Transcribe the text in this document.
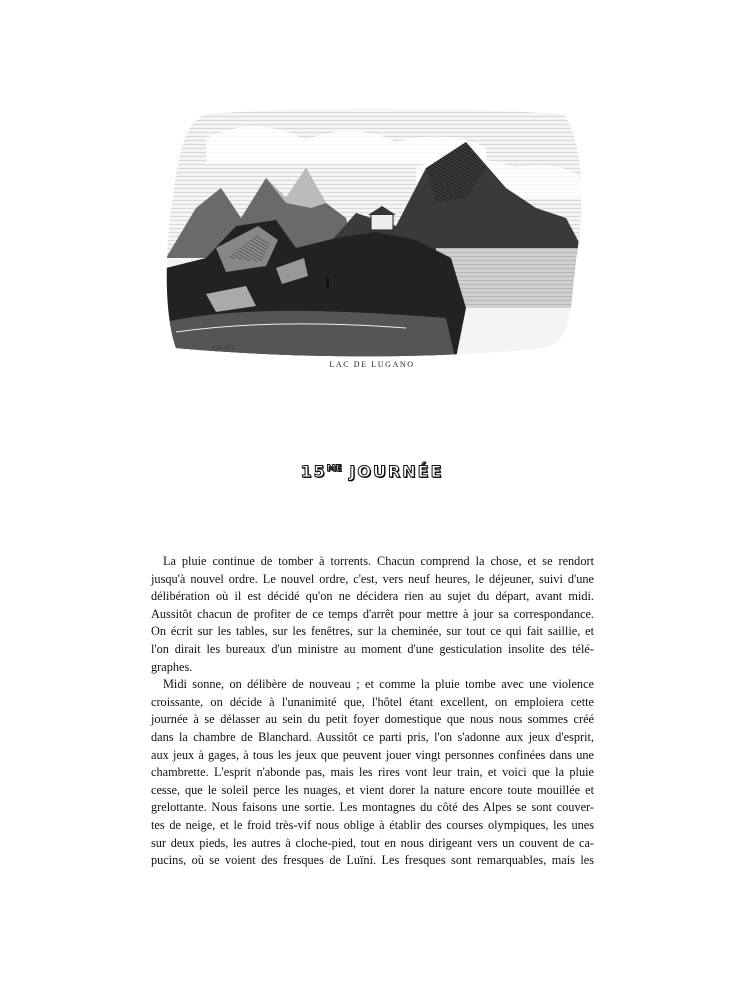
G.D. DEL.
LAC DE LUGANO
$15^{ME}$ JOURNÉE
La pluie continue de tomber à torrents. Chacun comprend la chose, et se rendort
jusqu'à nouvel ordre. Le nouvel ordre, c'est, vers neuf heures, le déjeuner, suivi d'une
délibération où il est décidé qu'on ne décidera rien au sujet du départ, avant midi.
Aussitôt chacun de profiter de ce temps d'arrêt pour mettre à jour sa correspondance.
On écrit sur les tables, sur les fenêtres, sur la cheminée, sur tout ce qui fait saillie, et
l'on dirait les bureaux d'un ministre au moment d'une gesticulation insolite des télé-
graphes.
Midi sonne, on délibère de nouveau ; et comme la pluie tombe avec une violence
croissante, on décide à l'unanimité que, l'hôtel étant excellent, on emploiera cette
journée à se délasser au sein du petit foyer domestique que nous nous sommes créé
dans la chambre de Blanchard. Aussitôt ce parti pris, l'on s'adonne aux jeux d'esprit,
aux jeux à gages, à tous les jeux que peuvent jouer vingt personnes confinées dans une
chambrette. L'esprit n'abonde pas, mais les rires vont leur train, et voici que la pluie
cesse, que le soleil perce les nuages, et vient dorer la nature encore toute mouillée et
grelottante. Nous faisons une sortie. Les montagnes du côté des Alpes se sont couver-
tes de neige, et le froid très-vif nous oblige à établir des courses olympiques, les unes
sur deux pieds, les autres à cloche-pied, tout en nous dirigeant vers un couvent de ca-
pucins, où se voient des fresques de Luïni. Les fresques sont remarquables, mais les
